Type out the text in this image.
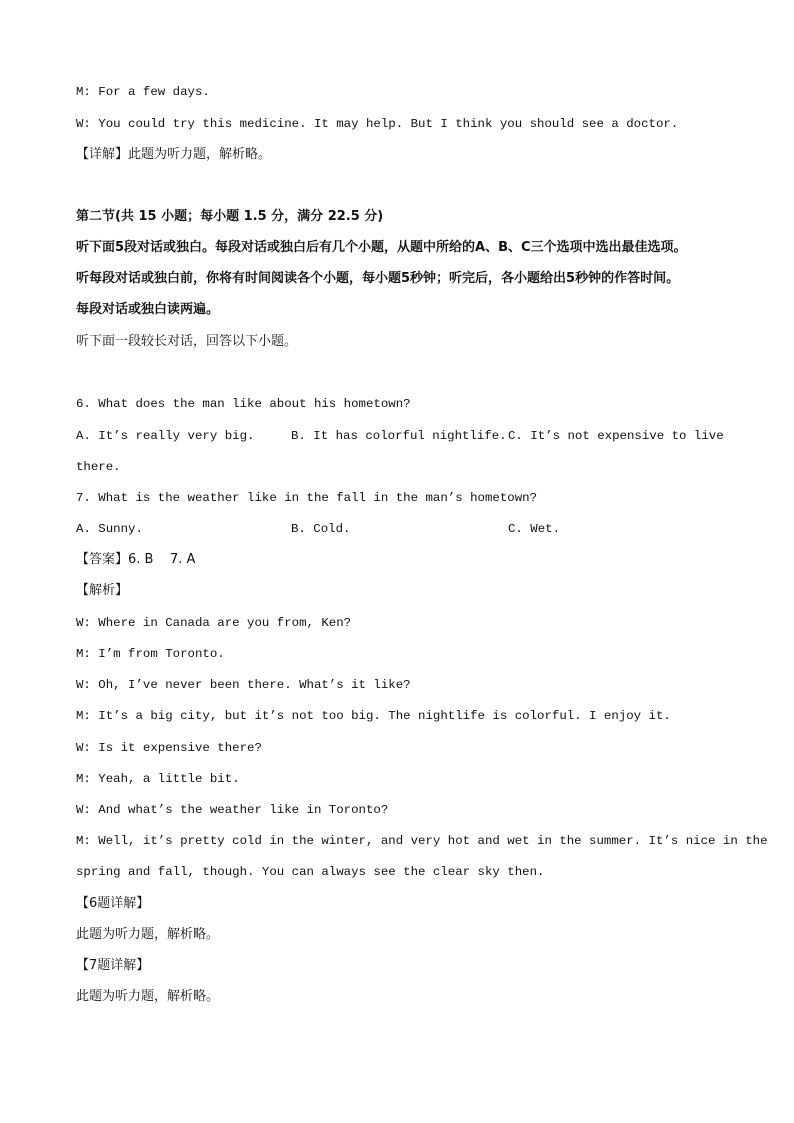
M: For a few days.
W: You could try this medicine. It may help. But I think you should see a doctor.
【详解】此题为听力题，解析略。
第二节(共 15 小题；每小题 1.5 分，满分 22.5 分)
听下面5段对话或独白。每段对话或独白后有几个小题，从题中所给的A、B、C三个选项中选出最佳选项。
听每段对话或独白前，你将有时间阅读各个小题，每小题5秒钟；听完后，各小题给出5秒钟的作答时间。
每段对话或独白读两遍。
听下面一段较长对话，回答以下小题。
6. What does the man like about his hometown?
A. It’s really very big.	B. It has colorful nightlife. C. It’s not expensive to live
there.
7. What is the weather like in the fall in the man’s hometown?
A. Sunny.	B. Cold.	C. Wet.
【答案】6. B    7. A
【解析】
W: Where in Canada are you from, Ken?
M: I’m from Toronto.
W: Oh, I’ve never been there. What’s it like?
M: It’s a big city, but it’s not too big. The nightlife is colorful. I enjoy it.
W: Is it expensive there?
M: Yeah, a little bit.
W: And what’s the weather like in Toronto?
M: Well, it’s pretty cold in the winter, and very hot and wet in the summer. It’s nice in the
spring and fall, though. You can always see the clear sky then.
【6题详解】
此题为听力题，解析略。
【7题详解】
此题为听力题，解析略。
